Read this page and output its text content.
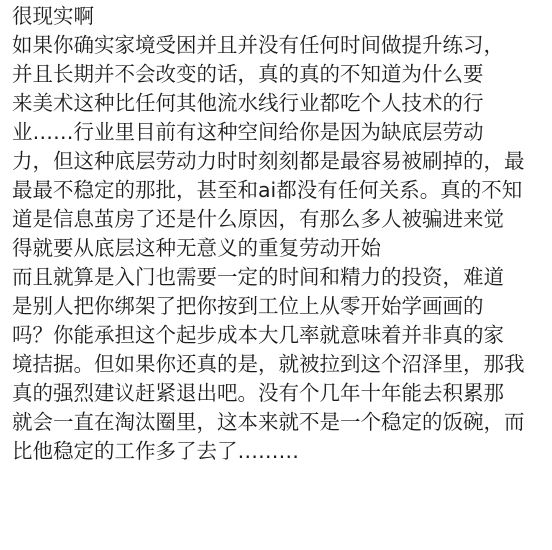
很现实啊
如果你确实家境受困并且并没有任何时间做提升练习，
并且长期并不会改变的话，真的真的不知道为什么要
来美术这种比任何其他流水线行业都吃个人技术的行
业……行业里目前有这种空间给你是因为缺底层劳动
力，但这种底层劳动力时时刻刻都是最容易被刷掉的，最
最最不稳定的那批，甚至和ai都没有任何关系。真的不知
道是信息茧房了还是什么原因，有那么多人被骗进来觉
得就要从底层这种无意义的重复劳动开始
而且就算是入门也需要一定的时间和精力的投资，难道
是别人把你绑架了把你按到工位上从零开始学画画的
吗？你能承担这个起步成本大几率就意味着并非真的家
境拮据。但如果你还真的是，就被拉到这个沼泽里，那我
真的强烈建议赶紧退出吧。没有个几年十年能去积累那
就会一直在淘汰圈里，这本来就不是一个稳定的饭碗，而
比他稳定的工作多了去了………
